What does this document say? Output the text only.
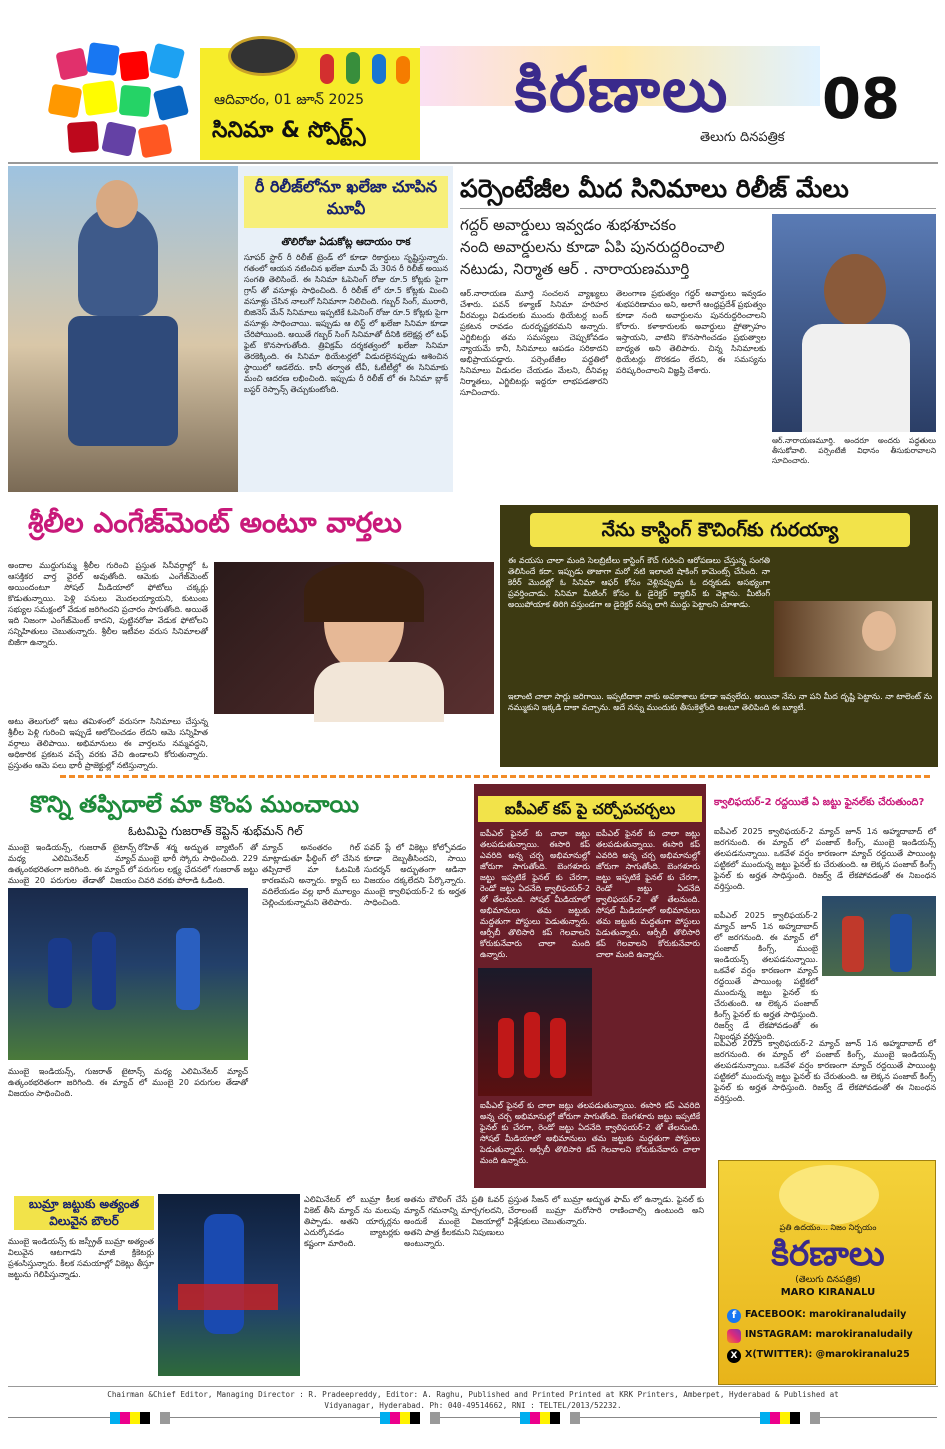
ఆదివారం, 01 జూన్ 2025
సినిమా & స్పోర్ట్స్
కిరణాలు
తెలుగు దినపత్రిక
08
రీ రిలీజ్‌లోనూ ఖలేజా చూపిన మూవీ
తొలిరోజు ఏడుకోట్ల ఆదాయం రాక
సూపర్ స్టార్ రీ రిలీజ్ ట్రెండ్ లో కూడా రికార్డులు సృష్టిస్తున్నారు. గతంలో ఆయన నటించిన ఖలేజా మూవీ మే 30న రీ రిలీజ్ అయిన సంగతి తెలిసిందే. ఈ సినిమా ఓపెనింగ్ రోజు రూ.5 కోట్లకు పైగా గ్రాస్ తో వసూళ్లు సాధించింది. రీ రిలీజ్ లో రూ.5 కోట్లకు మించి వసూళ్లు చేసిన నాలుగో సినిమాగా నిలిచింది. గబ్బర్ సింగ్, మురారి, బిజినెస్ మేన్ సినిమాలు ఇప్పటికే ఓపెనింగ్ రోజు రూ.5 కోట్లకు పైగా వసూళ్లు సాధించాయి. ఇప్పుడు ఆ లిస్ట్ లో ఖలేజా సినిమా కూడా చేరిపోయింది. అయితే గబ్బర్ సింగ్ సినిమాతో దీనికి కలెక్షన్ల లో టఫ్ ఫైట్ కొనసాగుతోంది. త్రివిక్రమ్ దర్శకత్వంలో ఖలేజా సినిమా తెరకెక్కింది. ఈ సినిమా థియేటర్లలో విడుదలైనప్పుడు ఆశించిన స్థాయిలో ఆడలేదు. కానీ తర్వాత టీవీ, ఓటీటీల్లో ఈ సినిమాకు మంచి ఆదరణ లభించింది. ఇప్పుడు రీ రిలీజ్ లో ఈ సినిమా బ్లాక్ బస్టర్ రెస్పాన్స్ తెచ్చుకుంటోంది.
పర్సెంటేజీల మీద సినిమాలు రిలీజ్ మేలు
గద్దర్ అవార్డులు ఇవ్వడం శుభశూచకం
నంది అవార్డులను కూడా ఏపి పునరుద్దరించాలి
నటుడు, నిర్మాత ఆర్ . నారాయణమూర్తి
ఆర్.నారాయణ మూర్తి సంచలన వ్యాఖ్యలు చేశారు. పవన్ కళ్యాణ్ సినిమా హరిహర వీరమల్లు విడుదలకు ముందు థియేటర్ల బంద్ ప్రకటన రావడం దురదృష్టకరమని అన్నారు. ఎగ్జిబిటర్లు తమ సమస్యలు చెప్పుకోవడం న్యాయమే కానీ, సినిమాలు ఆపడం సరికాదని అభిప్రాయపడ్డారు. పర్సెంటేజీల పద్దతిలో సినిమాలు విడుదల చేయడం మేలని, దీనివల్ల నిర్మాతలు, ఎగ్జిబిటర్లు ఇద్దరూ లాభపడతారని సూచించారు.
తెలంగాణ ప్రభుత్వం గద్దర్ అవార్డులు ఇవ్వడం శుభపరిణామం అని, అలాగే ఆంధ్రప్రదేశ్ ప్రభుత్వం కూడా నంది అవార్డులను పునరుద్దరించాలని కోరారు. కళాకారులకు అవార్డులు ప్రోత్సాహం ఇస్తాయని, వాటిని కొనసాగించడం ప్రభుత్వాల బాధ్యత అని తెలిపారు. చిన్న సినిమాలకు థియేటర్లు దొరకడం లేదని, ఈ సమస్యను పరిష్కరించాలని విజ్ఞప్తి చేశారు.
ఆర్.నారాయణమూర్తి. అందరూ అందరు పద్ధతులు తీసుకోవాలి. పర్సెంటేజీ విధానం తీసుకురావాలని సూచించారు.
శ్రీలీల ఎంగేజ్‌మెంట్ అంటూ వార్తలు
అందాల ముద్దుగుమ్మ శ్రీలీల గురించి ప్రస్తుత సినీవర్గాల్లో ఓ ఆసక్తికర వార్త వైరల్ అవుతోంది. ఆమెకు ఎంగేజ్‌మెంట్ అయిందంటూ సోషల్ మీడియాలో ఫోటోలు చక్కర్లు కొడుతున్నాయి. పెళ్లి పనులు మొదలయ్యాయని, కుటుంబ సభ్యుల సమక్షంలో వేడుక జరిగిందని ప్రచారం సాగుతోంది. అయితే ఇది నిజంగా ఎంగేజ్‌మెంట్ కాదని, పుట్టినరోజు వేడుక ఫోటోలని సన్నిహితులు చెబుతున్నారు. శ్రీలీల ఇటీవల వరుస సినిమాలతో బిజీగా ఉన్నారు.
అటు తెలుగులో ఇటు తమిళంలో వరుసగా సినిమాలు చేస్తున్న శ్రీలీల పెళ్లి గురించి ఇప్పుడే ఆలోచించడం లేదని ఆమె సన్నిహిత వర్గాలు తెలిపాయి. అభిమానులు ఈ వార్తలను నమ్మవద్దని, అధికారిక ప్రకటన వచ్చే వరకు వేచి ఉండాలని కోరుతున్నారు. ప్రస్తుతం ఆమె పలు భారీ ప్రాజెక్టుల్లో నటిస్తున్నారు.
నేను కాస్టింగ్ కౌచింగ్‌కు గురయ్యా
ఈ వయసు చాలా మంది సెలబ్రిటీలు కాస్టింగ్ కౌచ్ గురించి ఆరోపణలు చేస్తున్న సంగతి తెలిసిందే కదా. ఇప్పుడు తాజాగా మరో నటి ఇలాంటి షాకింగ్ కామెంట్స్ చేసింది. నా కెరీర్ మొదట్లో ఓ సినిమా ఆఫర్ కోసం వెళ్లినప్పుడు ఓ దర్శకుడు అసభ్యంగా ప్రవర్తించాడు. సినిమా మీటింగ్ కోసం ఓ డైరెక్టర్ క్యాబిన్ కు వెళ్లాను. మీటింగ్ అయిపోయాక తిరిగి వస్తుండగా ఆ డైరెక్టర్ నన్ను లాగి ముద్దు పెట్టాలని చూశాడు.
ఇలాంటి చాలా సార్లు జరిగాయి. ఇప్పటిదాకా నాకు అవకాశాలు కూడా ఇవ్వలేదు. అయినా నేను నా పని మీద దృష్టి పెట్టాను. నా టాలెంట్ ను నమ్ముకుని ఇక్కడి దాకా వచ్చాను. అదే నన్ను ముందుకు తీసుకెళ్తోంది అంటూ తెలిపింది ఈ బ్యూటీ.
కొన్ని తప్పిదాలే మా కొంప ముంచాయి
ఓటమిపై గుజరాత్ కెప్టెన్ శుభ్‌మన్ గిల్
ముంబై ఇండియన్స్, గుజరాత్ టైటాన్స్ మధ్య ఎలిమినేటర్ మ్యాచ్ ఉత్కంఠభరితంగా జరిగింది. ఈ మ్యాచ్ లో ముంబై 20 పరుగుల తేడాతో విజయం
రోహిత్ శర్మ అద్భుత బ్యాటింగ్ తో ముంబై భారీ స్కోరు సాధించింది. 229 పరుగుల లక్ష్య ఛేదనలో గుజరాత్ జట్టు చివరి వరకు పోరాడి ఓడింది.
మ్యాచ్ అనంతరం గిల్ మాట్లాడుతూ ఫీల్డింగ్ లో చేసిన తప్పిదాలే మా ఓటమికి కారణమని అన్నారు. క్యాచ్ లు వదిలేయడం వల్ల భారీ మూల్యం చెల్లించుకున్నామని తెలిపారు.
పవర్ ప్లే లో వికెట్లు కోల్పోవడం కూడా దెబ్బతీసిందని, సాయి సుదర్శన్ అద్భుతంగా ఆడినా విజయం దక్కలేదని పేర్కొన్నారు. ముంబై క్వాలిఫయర్-2 కు అర్హత సాధించింది.
ముంబై ఇండియన్స్, గుజరాత్ టైటాన్స్ మధ్య ఎలిమినేటర్ మ్యాచ్ ఉత్కంఠభరితంగా జరిగింది. ఈ మ్యాచ్ లో ముంబై 20 పరుగుల తేడాతో విజయం సాధించింది.
ఐపీఎల్ కప్ పై చర్చోపచర్చలు
ఐపీఎల్ ఫైనల్ కు చాలా జట్లు తలపడుతున్నాయి. ఈసారి కప్ ఎవరిది అన్న చర్చ అభిమానుల్లో జోరుగా సాగుతోంది. బెంగళూరు జట్టు ఇప్పటికే ఫైనల్ కు చేరగా, రెండో జట్టు ఏదనేది క్వాలిఫయర్-2 తో తేలనుంది. సోషల్ మీడియాలో అభిమానులు తమ జట్టుకు మద్దతుగా పోస్టులు పెడుతున్నారు. ఆర్సీబీ తొలిసారి కప్ గెలవాలని కోరుకునేవారు చాలా మంది ఉన్నారు.
ఐపీఎల్ ఫైనల్ కు చాలా జట్లు తలపడుతున్నాయి. ఈసారి కప్ ఎవరిది అన్న చర్చ అభిమానుల్లో జోరుగా సాగుతోంది. బెంగళూరు జట్టు ఇప్పటికే ఫైనల్ కు చేరగా, రెండో జట్టు ఏదనేది క్వాలిఫయర్-2 తో తేలనుంది. సోషల్ మీడియాలో అభిమానులు తమ జట్టుకు మద్దతుగా పోస్టులు పెడుతున్నారు. ఆర్సీబీ తొలిసారి కప్ గెలవాలని కోరుకునేవారు చాలా మంది ఉన్నారు.
ఐపీఎల్ ఫైనల్ కు చాలా జట్లు తలపడుతున్నాయి. ఈసారి కప్ ఎవరిది అన్న చర్చ అభిమానుల్లో జోరుగా సాగుతోంది. బెంగళూరు జట్టు ఇప్పటికే ఫైనల్ కు చేరగా, రెండో జట్టు ఏదనేది క్వాలిఫయర్-2 తో తేలనుంది. సోషల్ మీడియాలో అభిమానులు తమ జట్టుకు మద్దతుగా పోస్టులు పెడుతున్నారు. ఆర్సీబీ తొలిసారి కప్ గెలవాలని కోరుకునేవారు చాలా మంది ఉన్నారు.
క్వాలిఫయర్-2 రద్దయితే ఏ జట్టు ఫైనల్‌కు చేరుతుంది?
ఐపీఎల్ 2025 క్వాలిఫయర్-2 మ్యాచ్ జూన్ 1న అహ్మదాబాద్ లో జరగనుంది. ఈ మ్యాచ్ లో పంజాబ్ కింగ్స్, ముంబై ఇండియన్స్ తలపడనున్నాయి. ఒకవేళ వర్షం కారణంగా మ్యాచ్ రద్దయితే పాయింట్ల పట్టికలో ముందున్న జట్టు ఫైనల్ కు చేరుతుంది. ఆ లెక్కన పంజాబ్ కింగ్స్ ఫైనల్ కు అర్హత సాధిస్తుంది. రిజర్వ్ డే లేకపోవడంతో ఈ నిబంధన వర్తిస్తుంది.
ఐపీఎల్ 2025 క్వాలిఫయర్-2 మ్యాచ్ జూన్ 1న అహ్మదాబాద్ లో జరగనుంది. ఈ మ్యాచ్ లో పంజాబ్ కింగ్స్, ముంబై ఇండియన్స్ తలపడనున్నాయి. ఒకవేళ వర్షం కారణంగా మ్యాచ్ రద్దయితే పాయింట్ల పట్టికలో ముందున్న జట్టు ఫైనల్ కు చేరుతుంది. ఆ లెక్కన పంజాబ్ కింగ్స్ ఫైనల్ కు అర్హత సాధిస్తుంది. రిజర్వ్ డే లేకపోవడంతో ఈ నిబంధన వర్తిస్తుంది.
ఐపీఎల్ 2025 క్వాలిఫయర్-2 మ్యాచ్ జూన్ 1న అహ్మదాబాద్ లో జరగనుంది. ఈ మ్యాచ్ లో పంజాబ్ కింగ్స్, ముంబై ఇండియన్స్ తలపడనున్నాయి. ఒకవేళ వర్షం కారణంగా మ్యాచ్ రద్దయితే పాయింట్ల పట్టికలో ముందున్న జట్టు ఫైనల్ కు చేరుతుంది. ఆ లెక్కన పంజాబ్ కింగ్స్ ఫైనల్ కు అర్హత సాధిస్తుంది. రిజర్వ్ డే లేకపోవడంతో ఈ నిబంధన వర్తిస్తుంది.
బుమ్రా జట్టుకు అత్యంత విలువైన బౌలర్
ముంబై ఇండియన్స్ కు జస్ప్రీత్ బుమ్రా అత్యంత విలువైన ఆటగాడని మాజీ క్రికెటర్లు ప్రశంసిస్తున్నారు. కీలక సమయాల్లో వికెట్లు తీస్తూ జట్టును గెలిపిస్తున్నాడు.
ఎలిమినేటర్ లో బుమ్రా కీలక వికెట్ తీసి మ్యాచ్ ను మలుపు తిప్పాడు. అతని యార్కర్లను ఎదుర్కోవడం బ్యాటర్లకు కష్టంగా మారింది.
అతను బౌలింగ్ చేసే ప్రతి ఓవర్ మ్యాచ్ గమనాన్ని మార్చగలదని, అందుకే ముంబై విజయాల్లో అతని పాత్ర కీలకమని నిపుణులు అంటున్నారు.
ప్రస్తుత సీజన్ లో బుమ్రా అద్భుత ఫామ్ లో ఉన్నాడు. ఫైనల్ కు చేరాలంటే బుమ్రా మరోసారి రాణించాల్సి ఉంటుంది అని విశ్లేషకులు చెబుతున్నారు.
ప్రతి ఉదయం... నిజం నిర్భయం
కిరణాలు
(తెలుగు దినపత్రిక)
MARO KIRANALU
f FACEBOOK: marokiranaludaily
INSTAGRAM: marokiranaludaily
X X(TWITTER): @marokiranalu25
Chairman &Chief Editor, Managing Director : R. Pradeepreddy, Editor: A. Raghu, Published and Printed Printed at KRK Printers, Amberpet, Hyderabad & Published at
Vidyanagar, Hyderabad. Ph: 040-49514662, RNI : TELTEL/2013/52232.
